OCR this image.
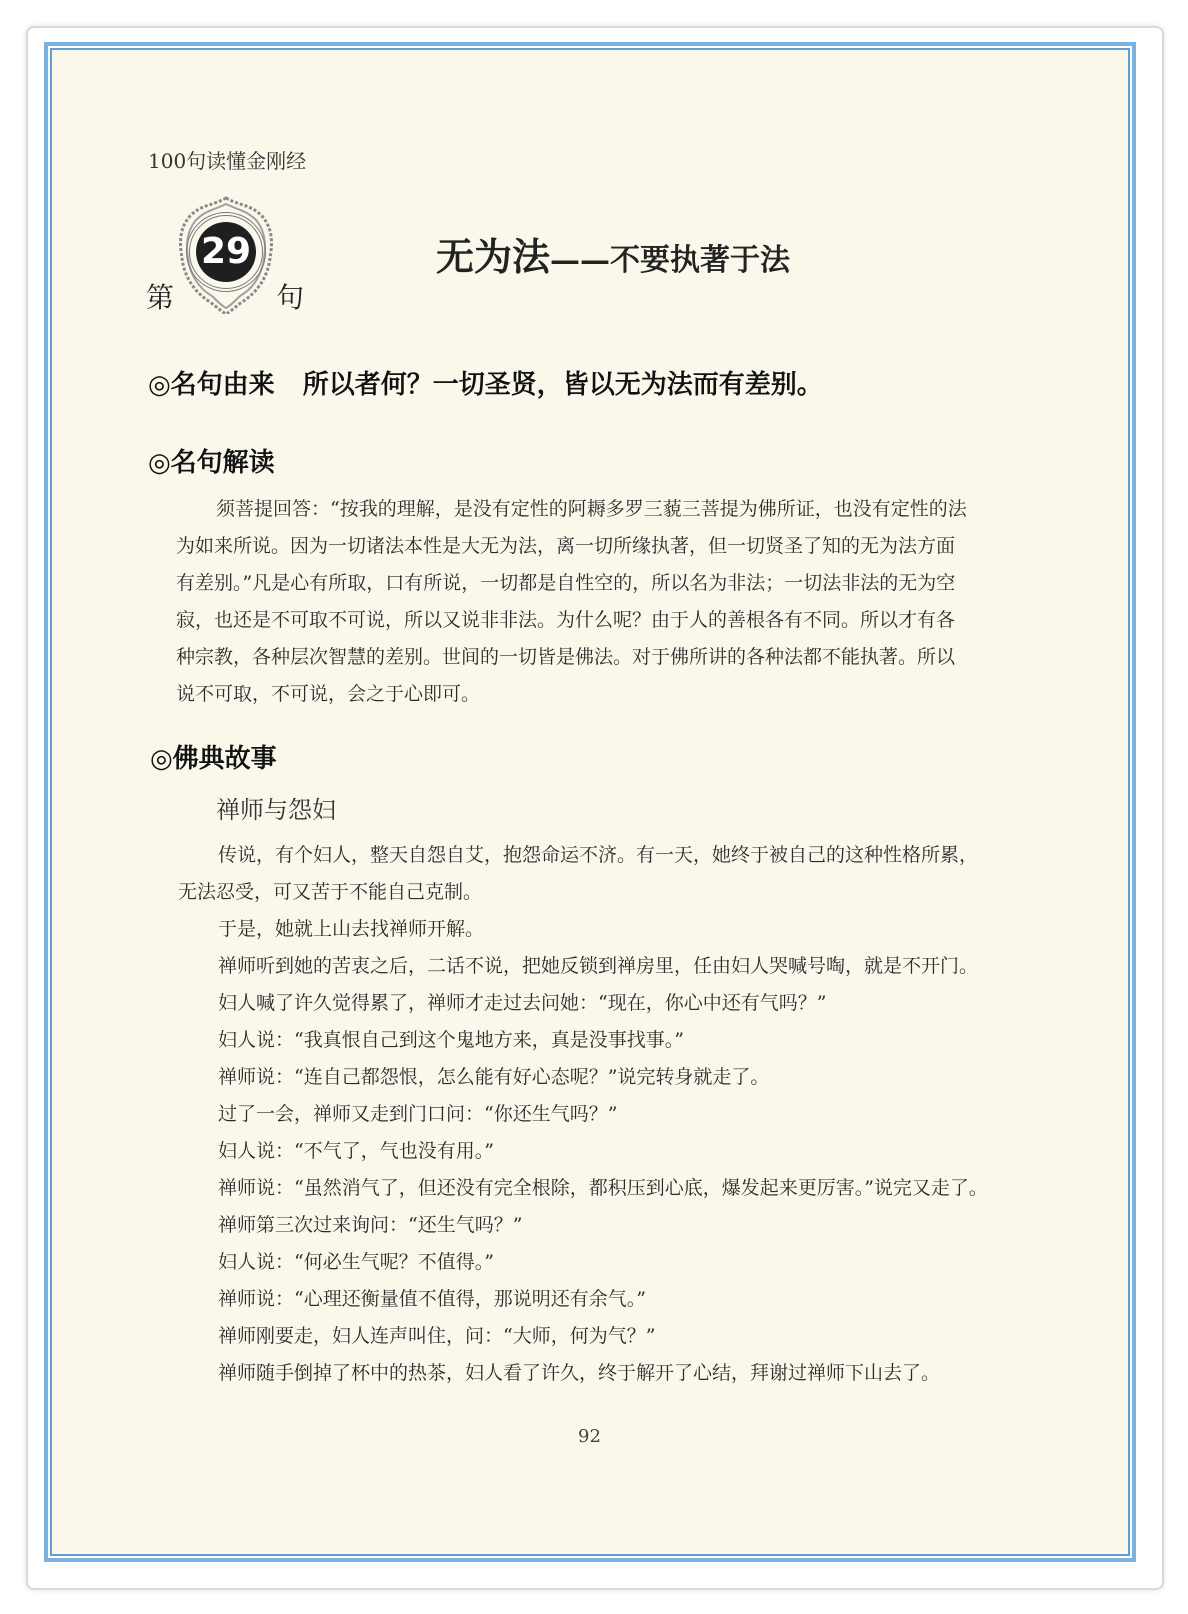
100句读懂金刚经
29
第	句
无为法——不要执著于法
◎名句由来 所以者何？一切圣贤，皆以无为法而有差别。
◎名句解读
须菩提回答：“按我的理解，是没有定性的阿耨多罗三藐三菩提为佛所证，也没有定性的法
为如来所说。因为一切诸法本性是大无为法，离一切所缘执著，但一切贤圣了知的无为法方面
有差别。”凡是心有所取，口有所说，一切都是自性空的，所以名为非法；一切法非法的无为空
寂，也还是不可取不可说，所以又说非非法。为什么呢？由于人的善根各有不同。所以才有各
种宗教，各种层次智慧的差别。世间的一切皆是佛法。对于佛所讲的各种法都不能执著。所以
说不可取，不可说，会之于心即可。
◎佛典故事
禅师与怨妇
传说，有个妇人，整天自怨自艾，抱怨命运不济。有一天，她终于被自己的这种性格所累，
无法忍受，可又苦于不能自己克制。
于是，她就上山去找禅师开解。
禅师听到她的苦衷之后，二话不说，把她反锁到禅房里，任由妇人哭喊号啕，就是不开门。
妇人喊了许久觉得累了，禅师才走过去问她：“现在，你心中还有气吗？”
妇人说：“我真恨自己到这个鬼地方来，真是没事找事。”
禅师说：“连自己都怨恨，怎么能有好心态呢？”说完转身就走了。
过了一会，禅师又走到门口问：“你还生气吗？”
妇人说：“不气了，气也没有用。”
禅师说：“虽然消气了，但还没有完全根除，都积压到心底，爆发起来更厉害。”说完又走了。
禅师第三次过来询问：“还生气吗？”
妇人说：“何必生气呢？不值得。”
禅师说：“心理还衡量值不值得，那说明还有余气。”
禅师刚要走，妇人连声叫住，问：“大师，何为气？”
禅师随手倒掉了杯中的热茶，妇人看了许久，终于解开了心结，拜谢过禅师下山去了。
92
